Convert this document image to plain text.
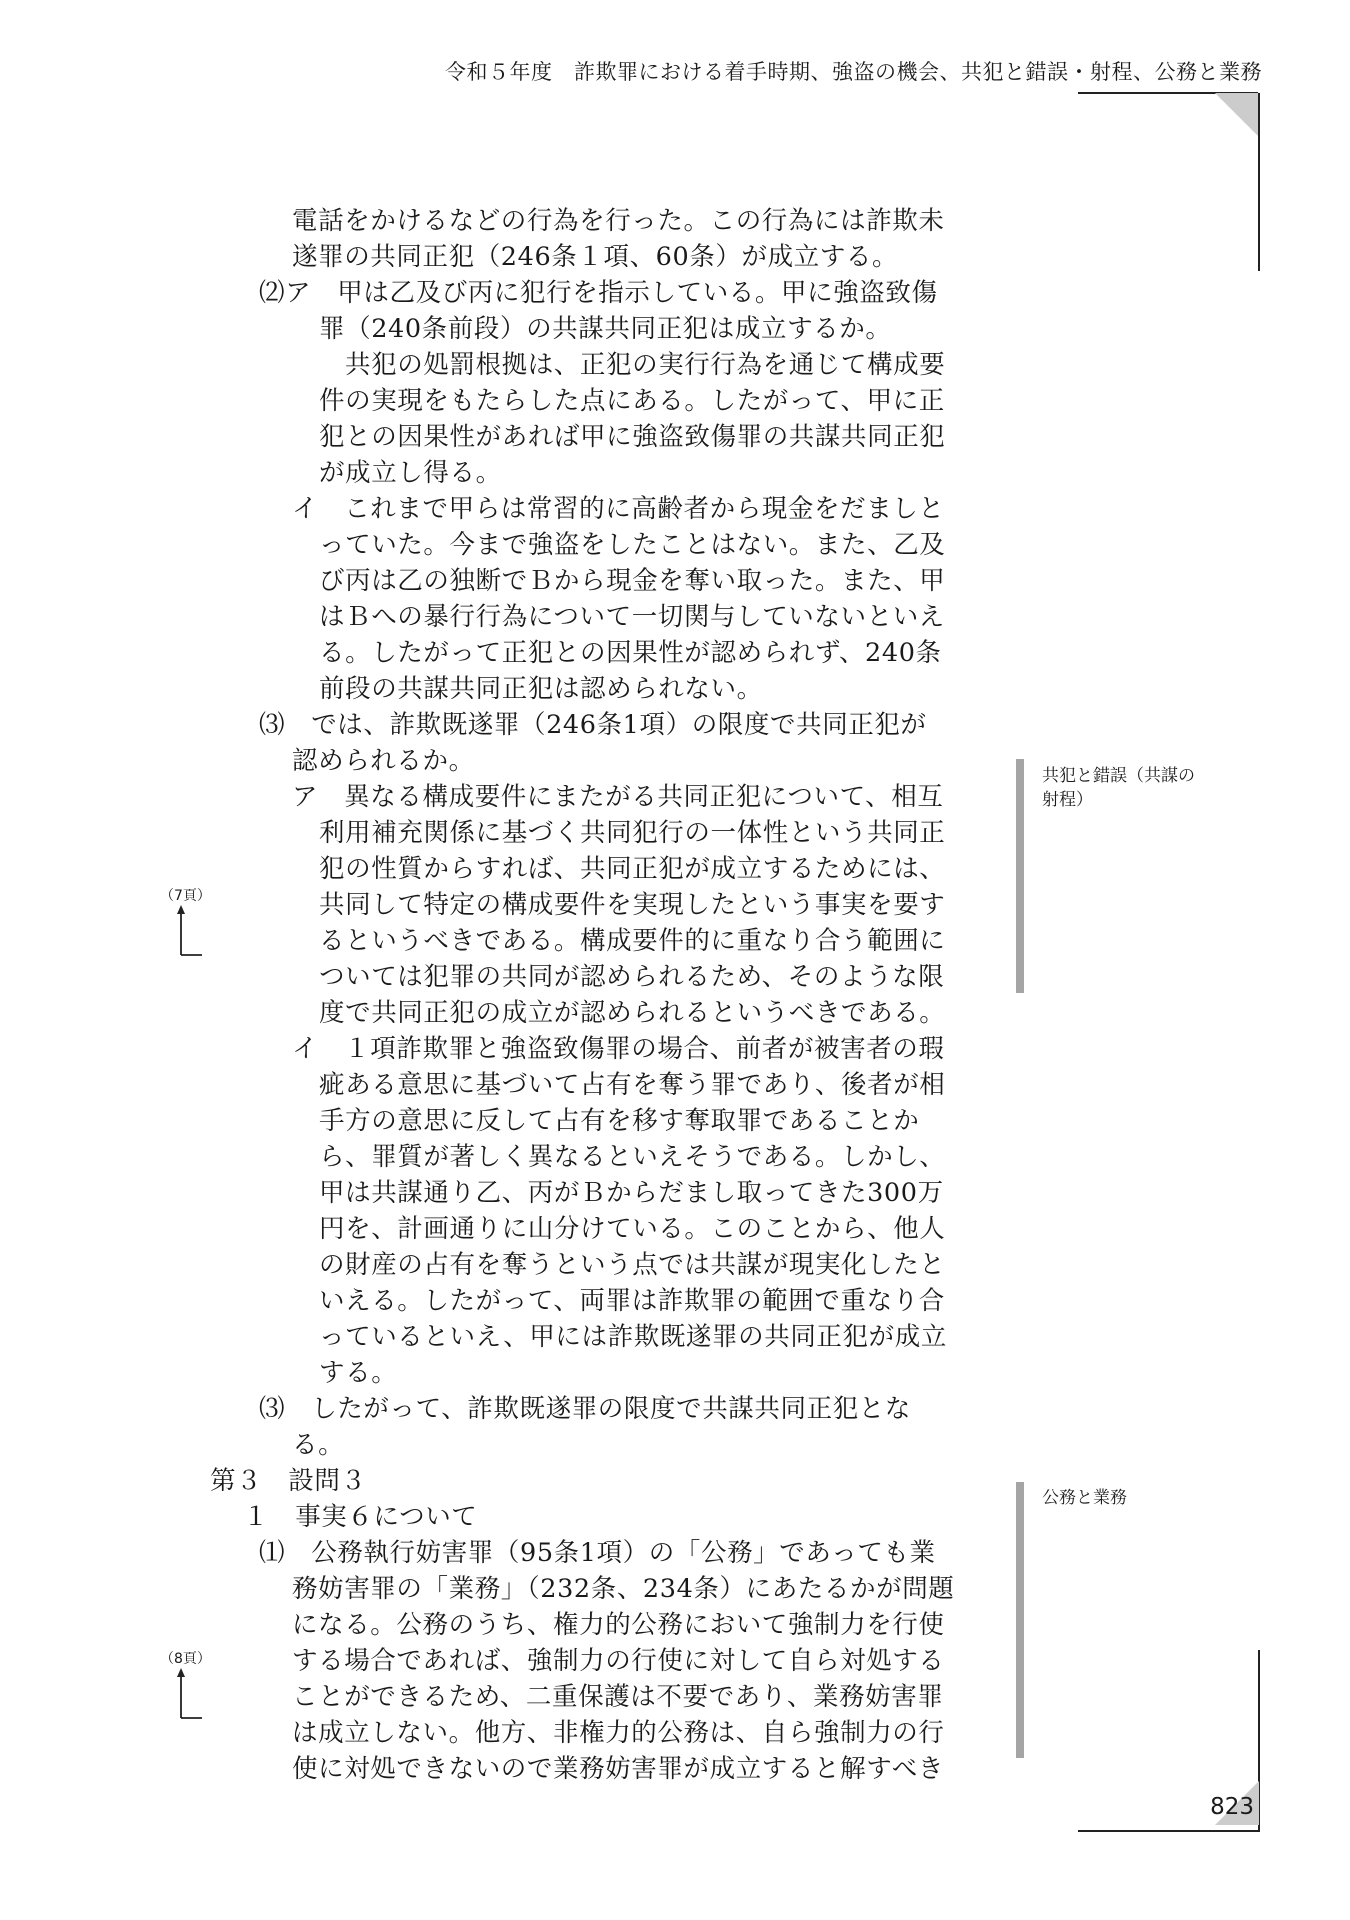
令和５年度　詐欺罪における着手時期、強盗の機会、共犯と錯誤・射程、公務と業務
電話をかけるなどの行為を行った。この行為には詐欺未
遂罪の共同正犯（246条１項、60条）が成立する。
⑵ア　甲は乙及び丙に犯行を指示している。甲に強盗致傷
罪（240条前段）の共謀共同正犯は成立するか。
共犯の処罰根拠は、正犯の実行行為を通じて構成要
件の実現をもたらした点にある。したがって、甲に正
犯との因果性があれば甲に強盗致傷罪の共謀共同正犯
が成立し得る。
イ　これまで甲らは常習的に高齢者から現金をだましと
っていた。今まで強盗をしたことはない。また、乙及
び丙は乙の独断でＢから現金を奪い取った。また、甲
はＢへの暴行行為について一切関与していないといえ
る。したがって正犯との因果性が認められず、240条
前段の共謀共同正犯は認められない。
⑶　では、詐欺既遂罪（246条1項）の限度で共同正犯が
認められるか。
ア　異なる構成要件にまたがる共同正犯について、相互
利用補充関係に基づく共同犯行の一体性という共同正
犯の性質からすれば、共同正犯が成立するためには、
共同して特定の構成要件を実現したという事実を要す
るというべきである。構成要件的に重なり合う範囲に
ついては犯罪の共同が認められるため、そのような限
度で共同正犯の成立が認められるというべきである。
イ　１項詐欺罪と強盗致傷罪の場合、前者が被害者の瑕
疵ある意思に基づいて占有を奪う罪であり、後者が相
手方の意思に反して占有を移す奪取罪であることか
ら、罪質が著しく異なるといえそうである。しかし、
甲は共謀通り乙、丙がＢからだまし取ってきた300万
円を、計画通りに山分けている。このことから、他人
の財産の占有を奪うという点では共謀が現実化したと
いえる。したがって、両罪は詐欺罪の範囲で重なり合
っているといえ、甲には詐欺既遂罪の共同正犯が成立
する。
⑶　したがって、詐欺既遂罪の限度で共謀共同正犯とな
る。
第３　設問３
１　事実６について
⑴　公務執行妨害罪（95条1項）の「公務」であっても業
務妨害罪の「業務」（232条、234条）にあたるかが問題
になる。公務のうち、権力的公務において強制力を行使
する場合であれば、強制力の行使に対して自ら対処する
ことができるため、二重保護は不要であり、業務妨害罪
は成立しない。他方、非権力的公務は、自ら強制力の行
使に対処できないので業務妨害罪が成立すると解すべき
共犯と錯誤（共謀の
射程）
公務と業務
（7頁）
（8頁）
823
